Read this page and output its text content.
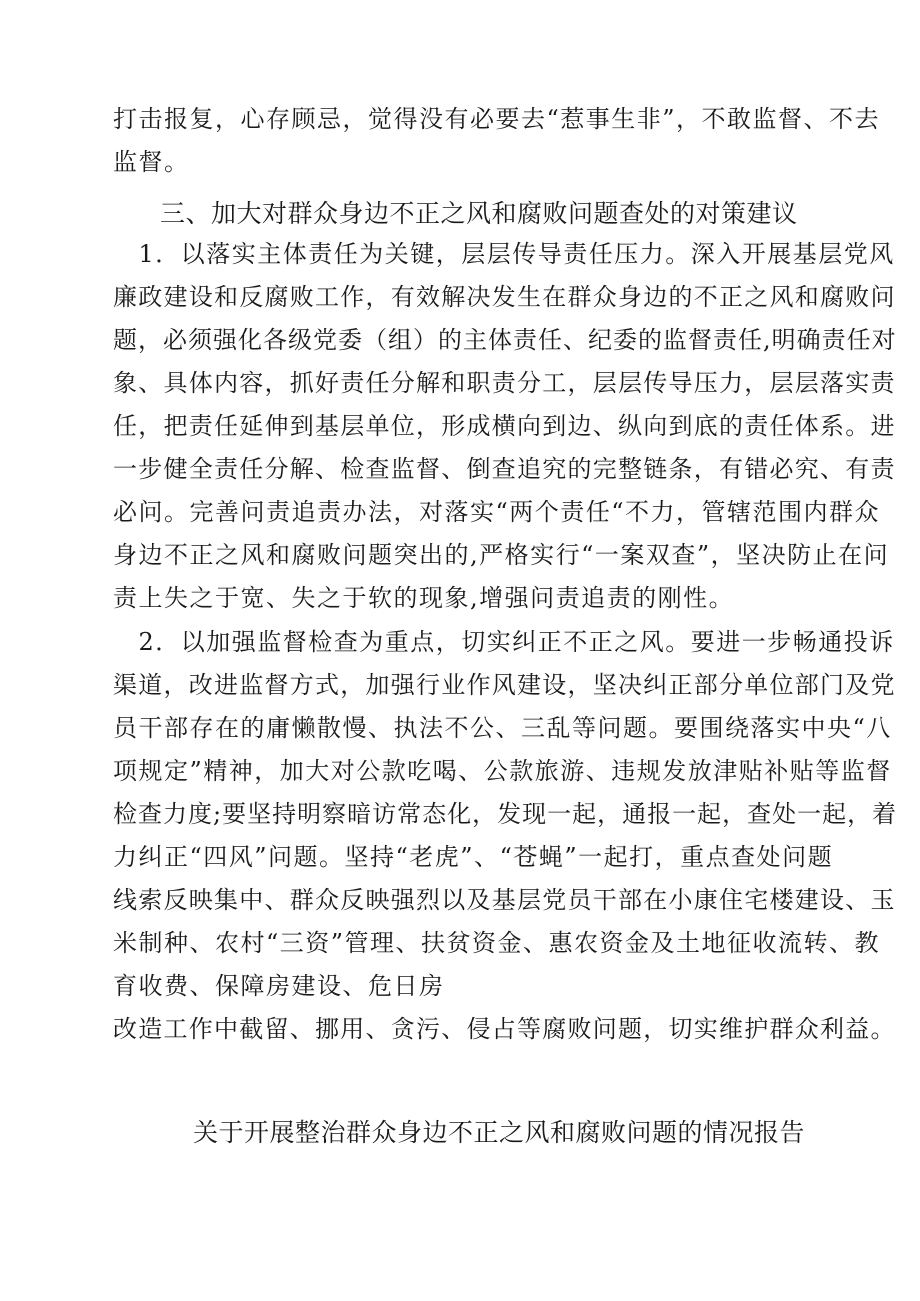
打击报复，心存顾忌，觉得没有必要去“惹事生非”，不敢监督、不去
监督。
三、加大对群众身边不正之风和腐败问题查处的对策建议
　1．以落实主体责任为关键，层层传导责任压力。深入开展基层党风
廉政建设和反腐败工作，有效解决发生在群众身边的不正之风和腐败问
题，必须强化各级党委（组）的主体责任、纪委的监督责任,明确责任对
象、具体内容，抓好责任分解和职责分工，层层传导压力，层层落实责
任，把责任延伸到基层单位，形成横向到边、纵向到底的责任体系。进
一步健全责任分解、检查监督、倒查追究的完整链条，有错必究、有责
必问。完善问责追责办法，对落实“两个责任“不力，管辖范围内群众
身边不正之风和腐败问题突出的,严格实行“一案双查”，坚决防止在问
责上失之于宽、失之于软的现象,增强问责追责的刚性。
　2．以加强监督检查为重点，切实纠正不正之风。要进一步畅通投诉
渠道，改进监督方式，加强行业作风建设，坚决纠正部分单位部门及党
员干部存在的庸懒散慢、执法不公、三乱等问题。要围绕落实中央“八
项规定”精神，加大对公款吃喝、公款旅游、违规发放津贴补贴等监督
检查力度;要坚持明察暗访常态化，发现一起，通报一起，查处一起，着
力纠正“四风”问题。坚持“老虎”、“苍蝇”一起打，重点查处问题
线索反映集中、群众反映强烈以及基层党员干部在小康住宅楼建设、玉
米制种、农村“三资”管理、扶贫资金、惠农资金及土地征收流转、教
育收费、保障房建设、危日房
改造工作中截留、挪用、贪污、侵占等腐败问题，切实维护群众利益。
关于开展整治群众身边不正之风和腐败问题的情况报告
